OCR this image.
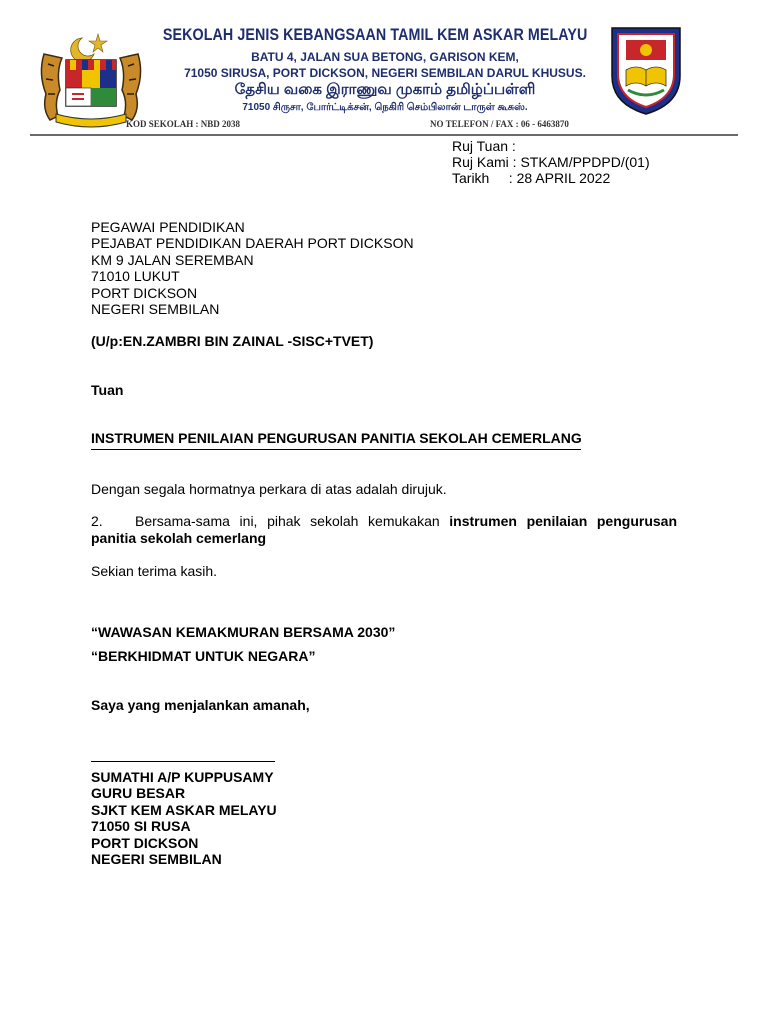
SEKOLAH JENIS KEBANGSAAN TAMIL KEM ASKAR MELAYU
BATU 4, JALAN SUA BETONG, GARISON KEM,
71050 SIRUSA, PORT DICKSON, NEGERI SEMBILAN DARUL KHUSUS.
தேசிய வகை இராணுவ முகாம் தமிழ்ப்பள்ளி
71050 சிருசா, போர்ட்டிக்சன், நெகிரி செம்பிலான் டாருள் கூசுஸ்.
KOD SEKOLAH : NBD 2038	NO TELEFON / FAX : 06 - 6463870
Ruj Tuan :
Ruj Kami : STKAM/PPDPD/(01)
Tarikh     : 28 APRIL 2022
PEGAWAI PENDIDIKAN
PEJABAT PENDIDIKAN DAERAH PORT DICKSON
KM 9 JALAN SEREMBAN
71010 LUKUT
PORT DICKSON
NEGERI SEMBILAN
(U/p:EN.ZAMBRI BIN ZAINAL -SISC+TVET)
Tuan
INSTRUMEN PENILAIAN PENGURUSAN PANITIA SEKOLAH CEMERLANG
Dengan segala hormatnya perkara di atas adalah dirujuk.
2. Bersama-sama ini, pihak sekolah kemukakan instrumen penilaian pengurusan panitia sekolah cemerlang
Sekian terima kasih.
“WAWASAN KEMAKMURAN BERSAMA 2030”
“BERKHIDMAT UNTUK NEGARA”
Saya yang menjalankan amanah,
SUMATHI A/P KUPPUSAMY
GURU BESAR
SJKT KEM ASKAR MELAYU
71050 SI RUSA
PORT DICKSON
NEGERI SEMBILAN
